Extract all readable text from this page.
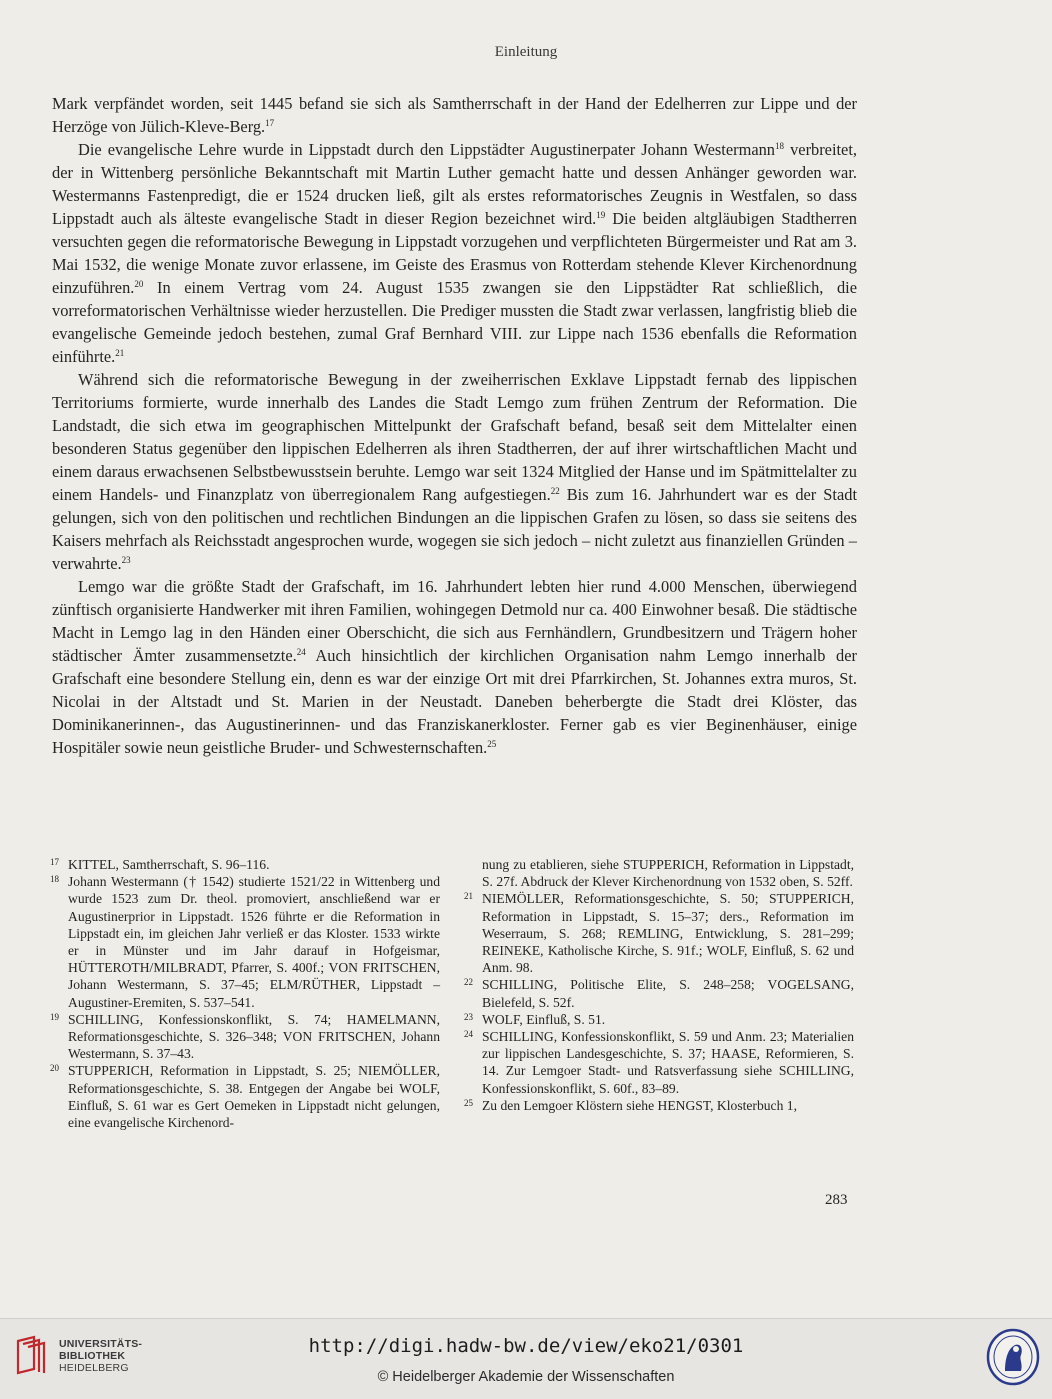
Einleitung

Mark verpfändet worden, seit 1445 befand sie sich als Samtherrschaft in der Hand der Edelherren zur Lippe und der Herzöge von Jülich-Kleve-Berg.$^{17}$

Die evangelische Lehre wurde in Lippstadt durch den Lippstädter Augustinerpater Johann Westermann$^{18}$ verbreitet, der in Wittenberg persönliche Bekanntschaft mit Martin Luther gemacht hatte und dessen Anhänger geworden war. Westermanns Fastenpredigt, die er 1524 drucken ließ, gilt als erstes reformatorisches Zeugnis in Westfalen, so dass Lippstadt auch als älteste evangelische Stadt in dieser Region bezeichnet wird.$^{19}$ Die beiden altgläubigen Stadtherren versuchten gegen die reformatorische Bewegung in Lippstadt vorzugehen und verpflichteten Bürgermeister und Rat am 3. Mai 1532, die wenige Monate zuvor erlassene, im Geiste des Erasmus von Rotterdam stehende Klever Kirchenordnung einzuführen.$^{20}$ In einem Vertrag vom 24. August 1535 zwangen sie den Lippstädter Rat schließlich, die vorreformatorischen Verhältnisse wieder herzustellen. Die Prediger mussten die Stadt zwar verlassen, langfristig blieb die evangelische Gemeinde jedoch bestehen, zumal Graf Bernhard VIII. zur Lippe nach 1536 ebenfalls die Reformation einführte.$^{21}$

Während sich die reformatorische Bewegung in der zweiherrischen Exklave Lippstadt fernab des lippischen Territoriums formierte, wurde innerhalb des Landes die Stadt Lemgo zum frühen Zentrum der Reformation. Die Landstadt, die sich etwa im geographischen Mittelpunkt der Grafschaft befand, besaß seit dem Mittelalter einen besonderen Status gegenüber den lippischen Edelherren als ihren Stadtherren, der auf ihrer wirtschaftlichen Macht und einem daraus erwachsenen Selbstbewusstsein beruhte. Lemgo war seit 1324 Mitglied der Hanse und im Spätmittelalter zu einem Handels- und Finanzplatz von überregionalem Rang aufgestiegen.$^{22}$ Bis zum 16. Jahrhundert war es der Stadt gelungen, sich von den politischen und rechtlichen Bindungen an die lippischen Grafen zu lösen, so dass sie seitens des Kaisers mehrfach als Reichsstadt angesprochen wurde, wogegen sie sich jedoch – nicht zuletzt aus finanziellen Gründen – verwahrte.$^{23}$

Lemgo war die größte Stadt der Grafschaft, im 16. Jahrhundert lebten hier rund 4.000 Menschen, überwiegend zünftisch organisierte Handwerker mit ihren Familien, wohingegen Detmold nur ca. 400 Einwohner besaß. Die städtische Macht in Lemgo lag in den Händen einer Oberschicht, die sich aus Fernhändlern, Grundbesitzern und Trägern hoher städtischer Ämter zusammensetzte.$^{24}$ Auch hinsichtlich der kirchlichen Organisation nahm Lemgo innerhalb der Grafschaft eine besondere Stellung ein, denn es war der einzige Ort mit drei Pfarrkirchen, St. Johannes extra muros, St. Nicolai in der Altstadt und St. Marien in der Neustadt. Daneben beherbergte die Stadt drei Klöster, das Dominikanerinnen-, das Augustinerinnen- und das Franziskanerkloster. Ferner gab es vier Beginenhäuser, einige Hospitäler sowie neun geistliche Bruder- und Schwesternschaften.$^{25}$

17 KITTEL, Samtherrschaft, S. 96–116.
18 Johann Westermann († 1542) studierte 1521/22 in Wittenberg und wurde 1523 zum Dr. theol. promoviert, anschließend war er Augustinerprior in Lippstadt. 1526 führte er die Reformation in Lippstadt ein, im gleichen Jahr verließ er das Kloster. 1533 wirkte er in Münster und im Jahr darauf in Hofgeismar, HÜTTEROTH/MILBRADT, Pfarrer, S. 400f.; VON FRITSCHEN, Johann Westermann, S. 37–45; ELM/RÜTHER, Lippstadt – Augustiner-Eremiten, S. 537–541.
19 SCHILLING, Konfessionskonflikt, S. 74; HAMELMANN, Reformationsgeschichte, S. 326–348; VON FRITSCHEN, Johann Westermann, S. 37–43.
20 STUPPERICH, Reformation in Lippstadt, S. 25; NIEMÖLLER, Reformationsgeschichte, S. 38. Entgegen der Angabe bei WOLF, Einfluß, S. 61 war es Gert Oemeken in Lippstadt nicht gelungen, eine evangelische Kirchenord-
nung zu etablieren, siehe STUPPERICH, Reformation in Lippstadt, S. 27f. Abdruck der Klever Kirchenordnung von 1532 oben, S. 52ff.
21 NIEMÖLLER, Reformationsgeschichte, S. 50; STUPPERICH, Reformation in Lippstadt, S. 15–37; ders., Reformation im Weserraum, S. 268; REMLING, Entwicklung, S. 281–299; REINEKE, Katholische Kirche, S. 91f.; WOLF, Einfluß, S. 62 und Anm. 98.
22 SCHILLING, Politische Elite, S. 248–258; VOGELSANG, Bielefeld, S. 52f.
23 WOLF, Einfluß, S. 51.
24 SCHILLING, Konfessionskonflikt, S. 59 und Anm. 23; Materialien zur lippischen Landesgeschichte, S. 37; HAASE, Reformieren, S. 14. Zur Lemgoer Stadt- und Ratsverfassung siehe SCHILLING, Konfessionskonflikt, S. 60f., 83–89.
25 Zu den Lemgoer Klöstern siehe HENGST, Klosterbuch 1,
283
UNIVERSITÄTS-
BIBLIOTHEK
HEIDELBERG
http://digi.hadw-bw.de/view/eko21/0301
© Heidelberger Akademie der Wissenschaften
